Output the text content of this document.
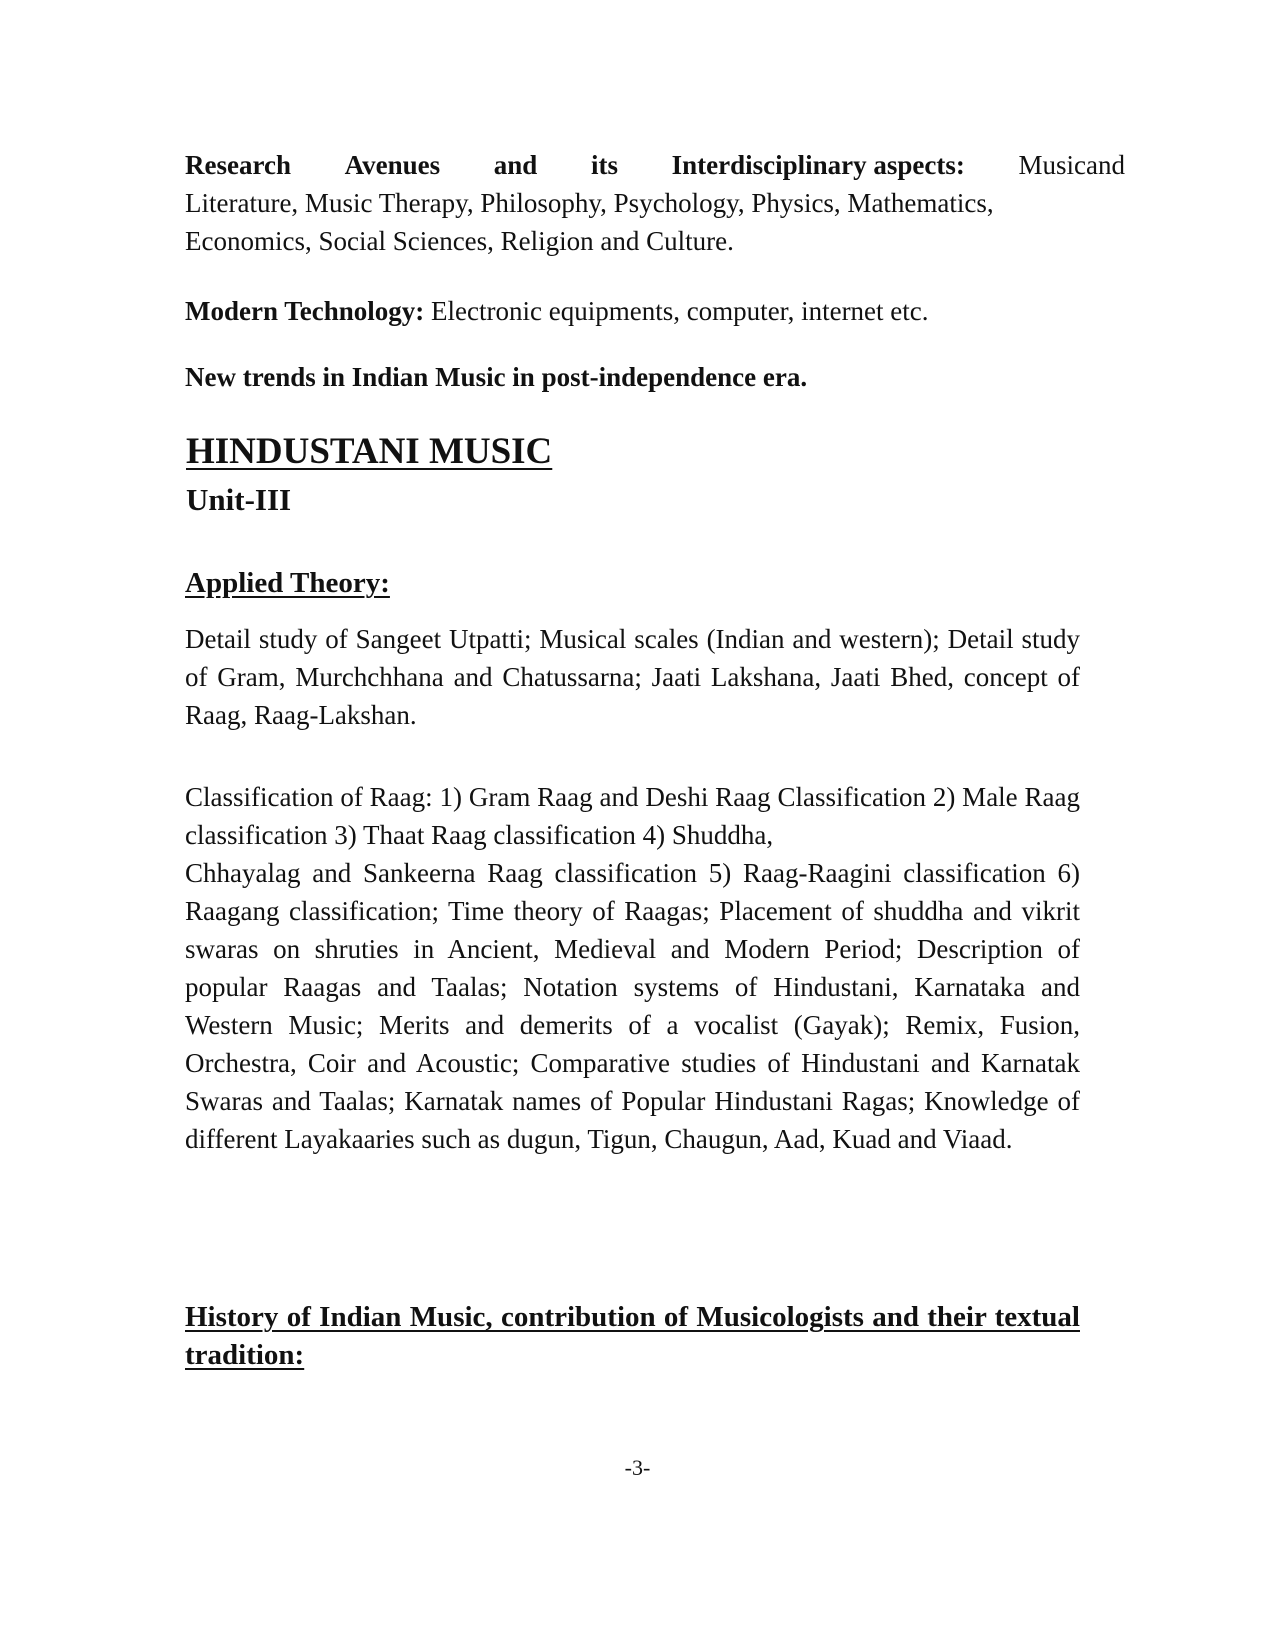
Research Avenues and its Interdisciplinary aspects: Musicand
Literature, Music Therapy, Philosophy, Psychology, Physics, Mathematics, Economics, Social Sciences, Religion and Culture.
Modern Technology: Electronic equipments, computer, internet etc.
New trends in Indian Music in post-independence era.
HINDUSTANI MUSIC
Unit-III
Applied Theory:

Detail study of Sangeet Utpatti; Musical scales (Indian and western); Detail study of Gram, Murchchhana and Chatussarna; Jaati Lakshana, Jaati Bhed, concept of Raag, Raag-Lakshan.

Classification of Raag: 1) Gram Raag and Deshi Raag Classification 2) Male Raag classification 3) Thaat Raag classification 4) Shuddha,

Chhayalag and Sankeerna Raag classification 5) Raag-Raagini classification 6) Raagang classification; Time theory of Raagas; Placement of shuddha and vikrit swaras on shruties in Ancient, Medieval and Modern Period; Description of popular Raagas and Taalas; Notation systems of Hindustani, Karnataka and Western Music; Merits and demerits of a vocalist (Gayak); Remix, Fusion, Orchestra, Coir and Acoustic; Comparative studies of Hindustani and Karnatak Swaras and Taalas; Karnatak names of Popular Hindustani Ragas; Knowledge of different Layakaaries such as dugun, Tigun, Chaugun, Aad, Kuad and Viaad.

History of Indian Music, contribution of Musicologists and their textual tradition:
-3-
